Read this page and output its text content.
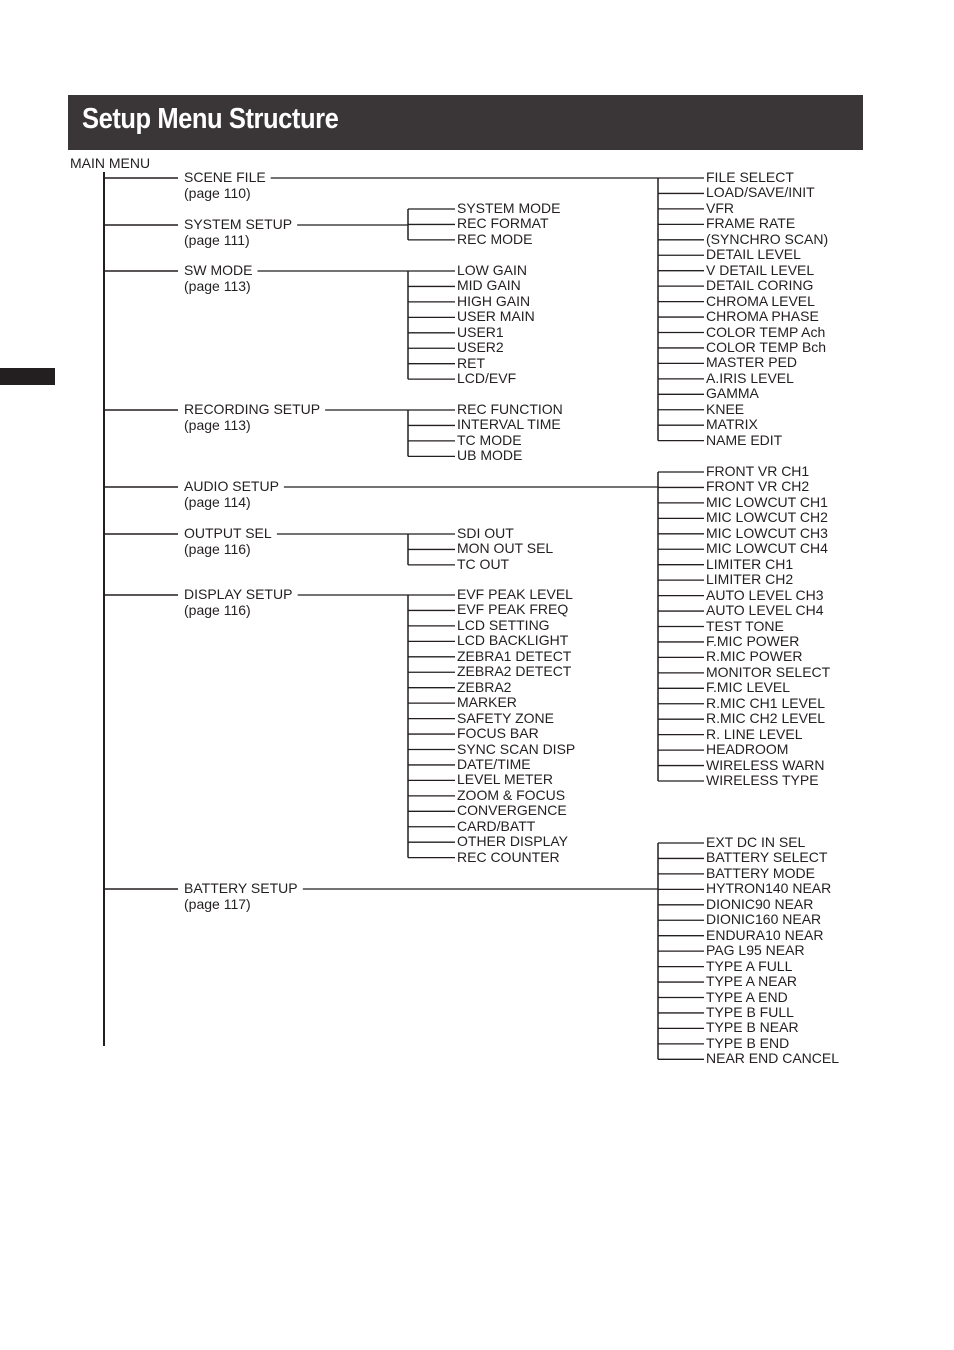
Setup Menu Structure
MAIN MENU
SCENE FILE
(page 110)
FILE SELECT
LOAD/SAVE/INIT
VFR
FRAME RATE
(SYNCHRO SCAN)
DETAIL LEVEL
V DETAIL LEVEL
DETAIL CORING
CHROMA LEVEL
CHROMA PHASE
COLOR TEMP Ach
COLOR TEMP Bch
MASTER PED
A.IRIS LEVEL
GAMMA
KNEE
MATRIX
NAME EDIT
SYSTEM SETUP
(page 111)
SYSTEM MODE
REC FORMAT
REC MODE
SW MODE
(page 113)
LOW GAIN
MID GAIN
HIGH GAIN
USER MAIN
USER1
USER2
RET
LCD/EVF
RECORDING SETUP
(page 113)
REC FUNCTION
INTERVAL TIME
TC MODE
UB MODE
AUDIO SETUP
(page 114)
FRONT VR CH1
FRONT VR CH2
MIC LOWCUT CH1
MIC LOWCUT CH2
MIC LOWCUT CH3
MIC LOWCUT CH4
LIMITER CH1
LIMITER CH2
AUTO LEVEL CH3
AUTO LEVEL CH4
TEST TONE
F.MIC POWER
R.MIC POWER
MONITOR SELECT
F.MIC LEVEL
R.MIC CH1 LEVEL
R.MIC CH2 LEVEL
R. LINE LEVEL
HEADROOM
WIRELESS WARN
WIRELESS TYPE
OUTPUT SEL
(page 116)
SDI OUT
MON OUT SEL
TC OUT
DISPLAY SETUP
(page 116)
EVF PEAK LEVEL
EVF PEAK FREQ
LCD SETTING
LCD BACKLIGHT
ZEBRA1 DETECT
ZEBRA2 DETECT
ZEBRA2
MARKER
SAFETY ZONE
FOCUS BAR
SYNC SCAN DISP
DATE/TIME
LEVEL METER
ZOOM & FOCUS
CONVERGENCE
CARD/BATT
OTHER DISPLAY
REC COUNTER
BATTERY SETUP
(page 117)
EXT DC IN SEL
BATTERY SELECT
BATTERY MODE
HYTRON140 NEAR
DIONIC90 NEAR
DIONIC160 NEAR
ENDURA10 NEAR
PAG L95 NEAR
TYPE A FULL
TYPE A NEAR
TYPE A END
TYPE B FULL
TYPE B NEAR
TYPE B END
NEAR END CANCEL
